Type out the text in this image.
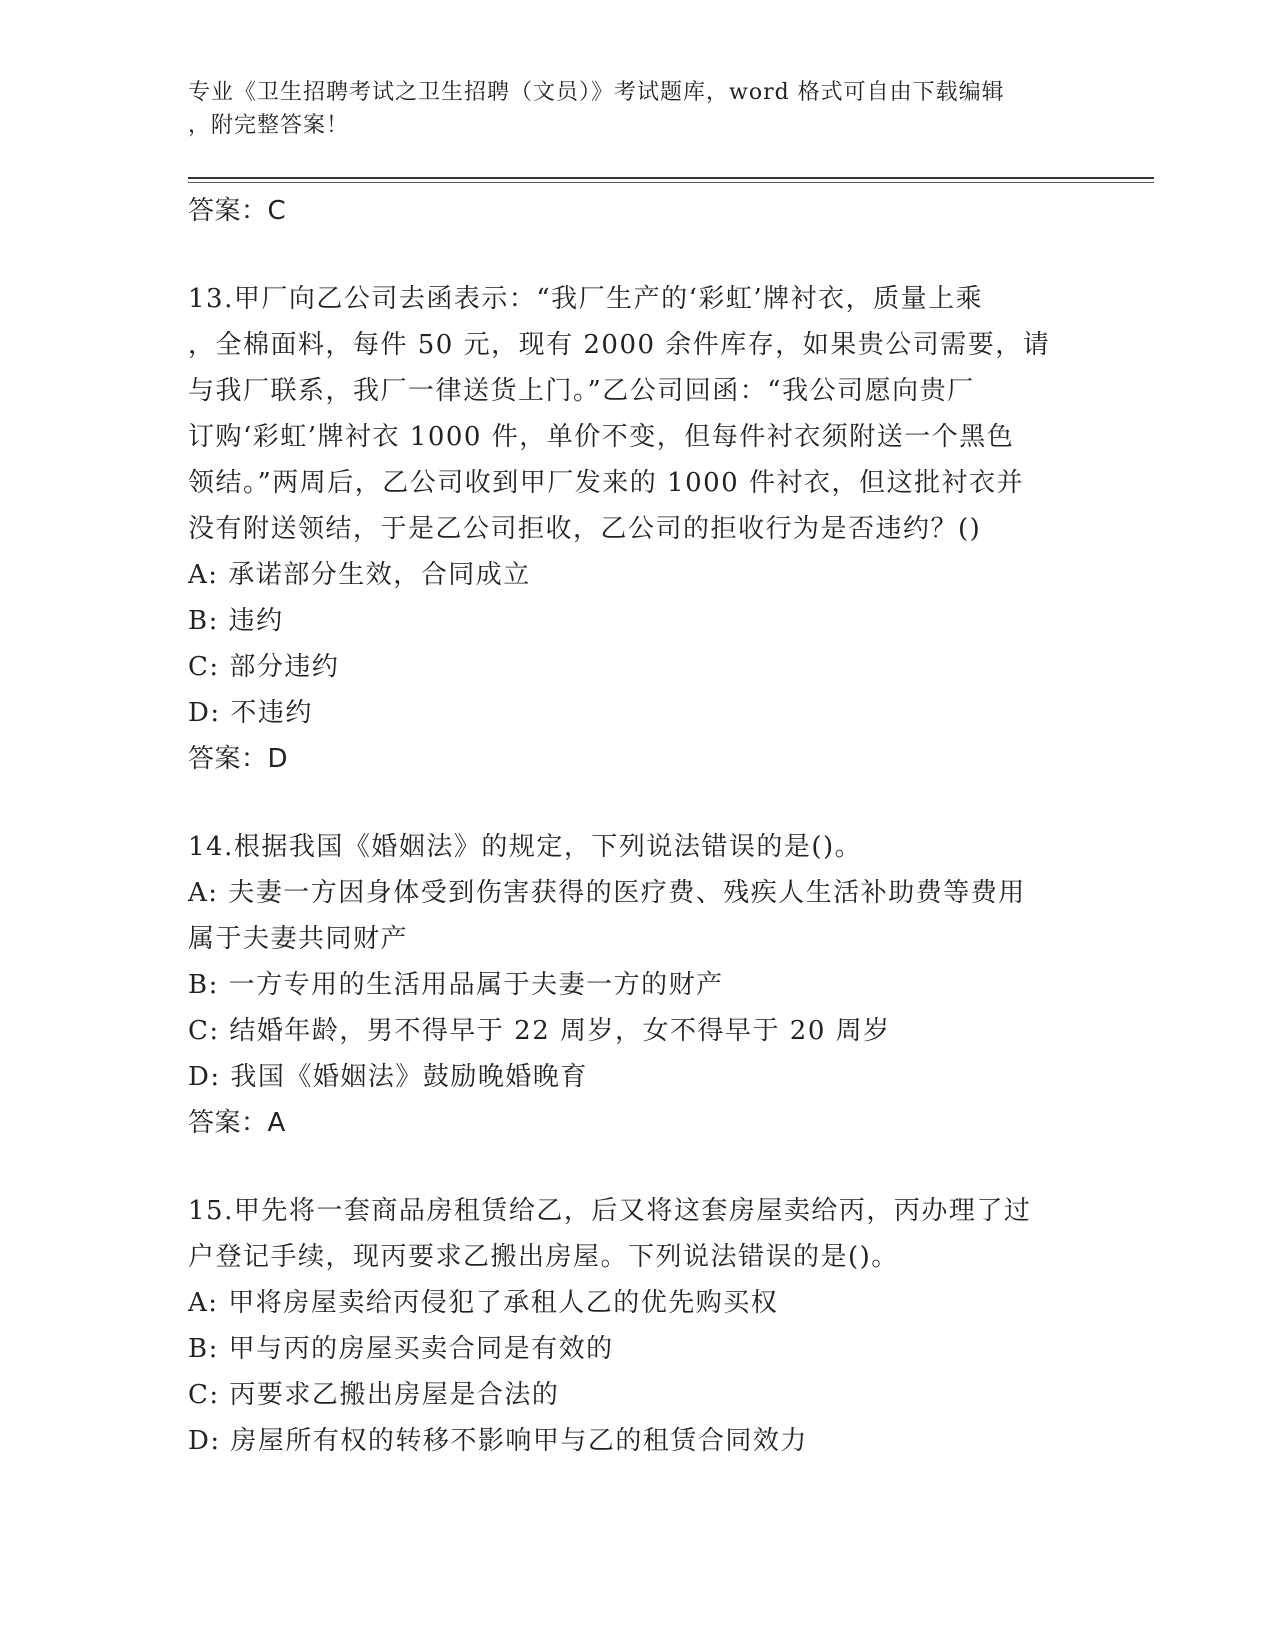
专业《卫生招聘考试之卫生招聘（文员）》考试题库，word 格式可自由下载编辑
，附完整答案！
答案：C
13.甲厂向乙公司去函表示：“我厂生产的‘彩虹’牌衬衣，质量上乘
，全棉面料，每件 50 元，现有 2000 余件库存，如果贵公司需要，请
与我厂联系，我厂一律送货上门。”乙公司回函：“我公司愿向贵厂
订购‘彩虹’牌衬衣 1000 件，单价不变，但每件衬衣须附送一个黑色
领结。”两周后，乙公司收到甲厂发来的 1000 件衬衣，但这批衬衣并
没有附送领结，于是乙公司拒收，乙公司的拒收行为是否违约？()
A: 承诺部分生效，合同成立
B: 违约
C: 部分违约
D: 不违约
答案：D
14.根据我国《婚姻法》的规定，下列说法错误的是()。
A: 夫妻一方因身体受到伤害获得的医疗费、残疾人生活补助费等费用
属于夫妻共同财产
B: 一方专用的生活用品属于夫妻一方的财产
C: 结婚年龄，男不得早于 22 周岁，女不得早于 20 周岁
D: 我国《婚姻法》鼓励晚婚晚育
答案：A
15.甲先将一套商品房租赁给乙，后又将这套房屋卖给丙，丙办理了过
户登记手续，现丙要求乙搬出房屋。下列说法错误的是()。
A: 甲将房屋卖给丙侵犯了承租人乙的优先购买权
B: 甲与丙的房屋买卖合同是有效的
C: 丙要求乙搬出房屋是合法的
D: 房屋所有权的转移不影响甲与乙的租赁合同效力
